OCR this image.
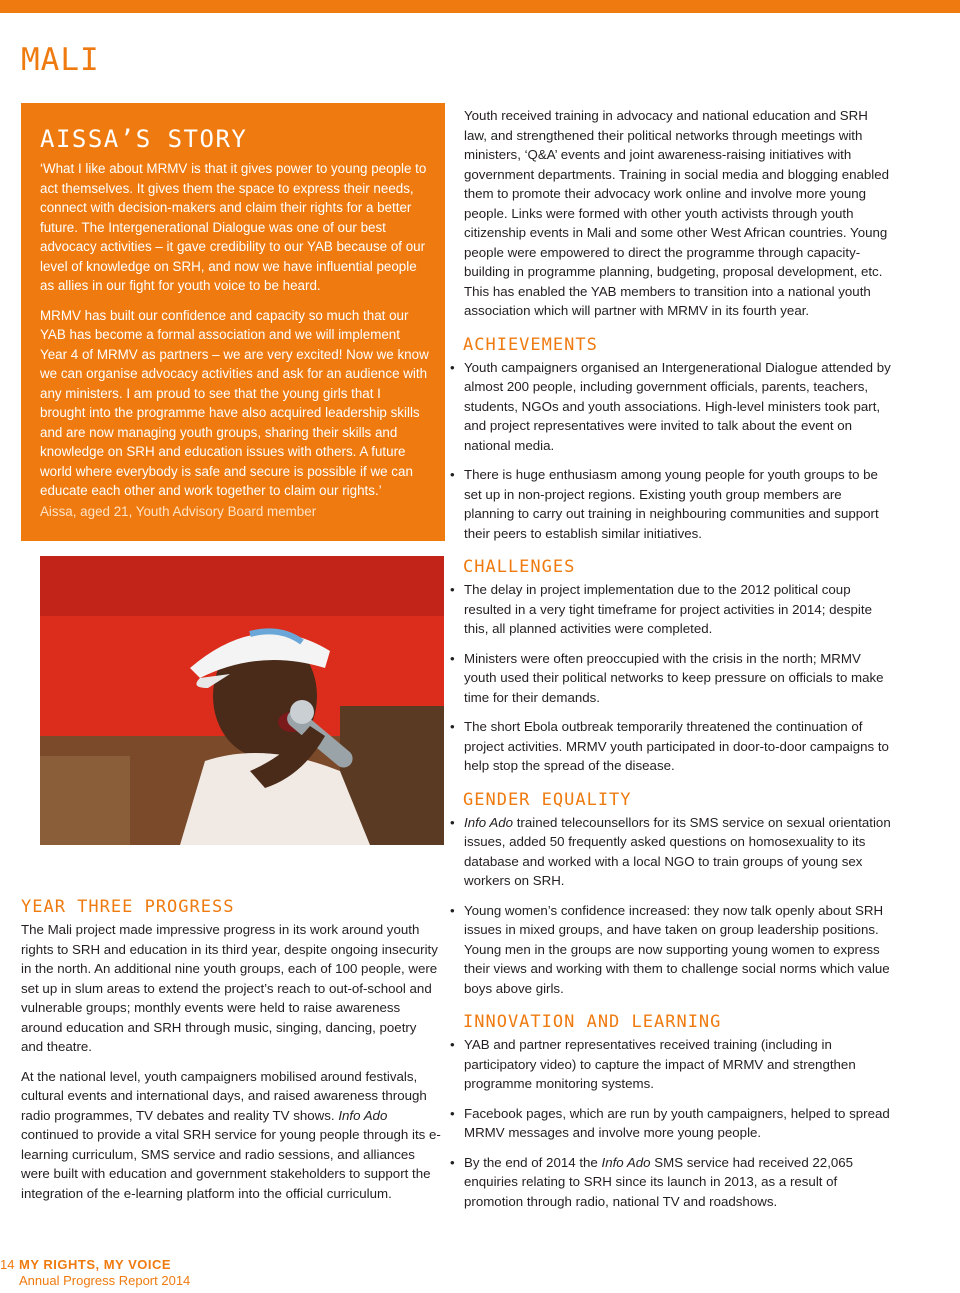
MALI
AISSA’S STORY

‘What I like about MRMV is that it gives power to young people to act themselves. It gives them the space to express their needs, connect with decision-makers and claim their rights for a better future. The Intergenerational Dialogue was one of our best advocacy activities – it gave credibility to our YAB because of our level of knowledge on SRH, and now we have influential people as allies in our fight for youth voice to be heard.

MRMV has built our confidence and capacity so much that our YAB has become a formal association and we will implement Year 4 of MRMV as partners – we are very excited! Now we know we can organise advocacy activities and ask for an audience with any ministers. I am proud to see that the young girls that I brought into the programme have also acquired leadership skills and are now managing youth groups, sharing their skills and knowledge on SRH and education issues with others. A future world where everybody is safe and secure is possible if we can educate each other and work together to claim our rights.’

Aissa, aged 21, Youth Advisory Board member

YEAR THREE PROGRESS

The Mali project made impressive progress in its work around youth rights to SRH and education in its third year, despite ongoing insecurity in the north. An additional nine youth groups, each of 100 people, were set up in slum areas to extend the project’s reach to out-of-school and vulnerable groups; monthly events were held to raise awareness around education and SRH through music, singing, dancing, poetry and theatre.

At the national level, youth campaigners mobilised around festivals, cultural events and international days, and raised awareness through radio programmes, TV debates and reality TV shows. Info Ado continued to provide a vital SRH service for young people through its e-learning curriculum, SMS service and radio sessions, and alliances were built with education and government stakeholders to support the integration of the e-learning platform into the official curriculum.

Youth received training in advocacy and national education and SRH law, and strengthened their political networks through meetings with ministers, ‘Q&A’ events and joint awareness-raising initiatives with government departments. Training in social media and blogging enabled them to promote their advocacy work online and involve more young people. Links were formed with other youth activists through youth citizenship events in Mali and some other West African countries. Young people were empowered to direct the programme through capacity-building in programme planning, budgeting, proposal development, etc. This has enabled the YAB members to transition into a national youth association which will partner with MRMV in its fourth year.

ACHIEVEMENTS
• Youth campaigners organised an Intergenerational Dialogue attended by almost 200 people, including government officials, parents, teachers, students, NGOs and youth associations. High-level ministers took part, and project representatives were invited to talk about the event on national media.
• There is huge enthusiasm among young people for youth groups to be set up in non-project regions. Existing youth group members are planning to carry out training in neighbouring communities and support their peers to establish similar initiatives.
CHALLENGES
• The delay in project implementation due to the 2012 political coup resulted in a very tight timeframe for project activities in 2014; despite this, all planned activities were completed.
• Ministers were often preoccupied with the crisis in the north; MRMV youth used their political networks to keep pressure on officials to make time for their demands.
• The short Ebola outbreak temporarily threatened the continuation of project activities. MRMV youth participated in door-to-door campaigns to help stop the spread of the disease.
GENDER EQUALITY
• Info Ado trained telecounsellors for its SMS service on sexual orientation issues, added 50 frequently asked questions on homosexuality to its database and worked with a local NGO to train groups of young sex workers on SRH.
• Young women’s confidence increased: they now talk openly about SRH issues in mixed groups, and have taken on group leadership positions. Young men in the groups are now supporting young women to express their views and working with them to challenge social norms which value boys above girls.
INNOVATION AND LEARNING
• YAB and partner representatives received training (including in participatory video) to capture the impact of MRMV and strengthen programme monitoring systems.
• Facebook pages, which are run by youth campaigners, helped to spread MRMV messages and involve more young people.
• By the end of 2014 the Info Ado SMS service had received 22,065 enquiries relating to SRH since its launch in 2013, as a result of promotion through radio, national TV and roadshows.
14 MY RIGHTS, MY VOICE
Annual Progress Report 2014
